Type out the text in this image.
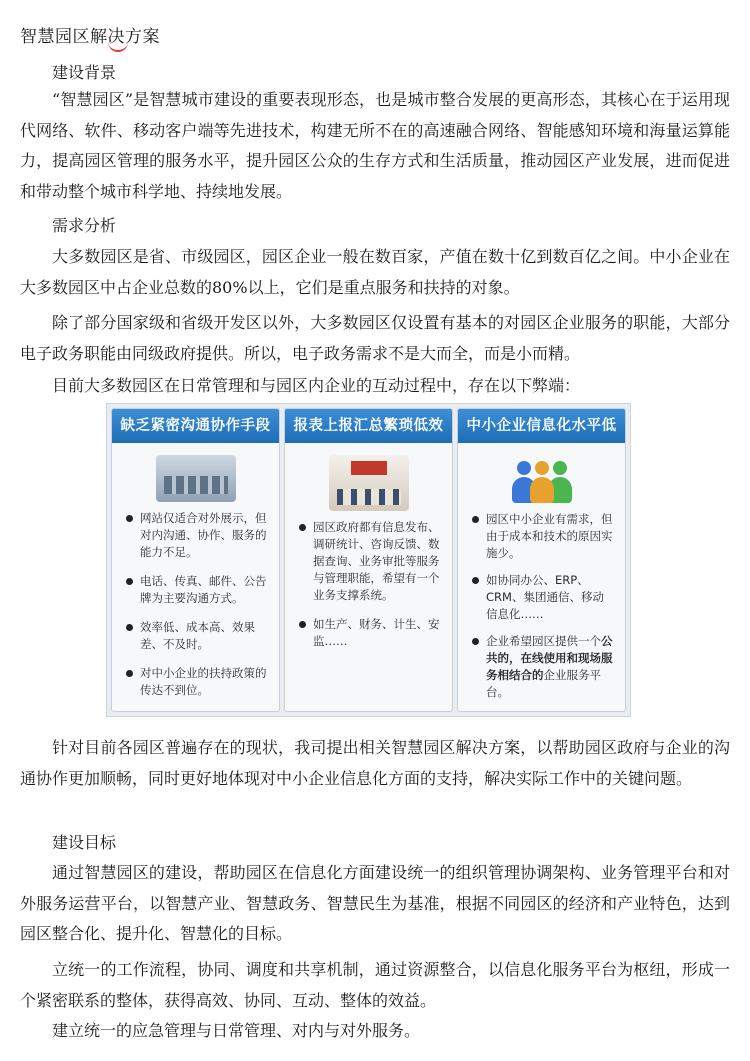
智慧园区解决方案
建设背景

“智慧园区”是智慧城市建设的重要表现形态，也是城市整合发展的更高形态，其核心在于运用现代网络、软件、移动客户端等先进技术，构建无所不在的高速融合网络、智能感知环境和海量运算能力，提高园区管理的服务水平，提升园区公众的生存方式和生活质量，推动园区产业发展，进而促进和带动整个城市科学地、持续地发展。

需求分析

大多数园区是省、市级园区，园区企业一般在数百家，产值在数十亿到数百亿之间。中小企业在大多数园区中占企业总数的80%以上，它们是重点服务和扶持的对象。

除了部分国家级和省级开发区以外，大多数园区仅设置有基本的对园区企业服务的职能，大部分电子政务职能由同级政府提供。所以，电子政务需求不是大而全，而是小而精。

目前大多数园区在日常管理和与园区内企业的互动过程中，存在以下弊端：

缺乏紧密沟通协作手段
网站仅适合对外展示，但对内沟通、协作、服务的能力不足。
电话、传真、邮件、公告牌为主要沟通方式。
效率低、成本高、效果差、不及时。
对中小企业的扶持政策的传达不到位。
报表上报汇总繁琐低效
园区政府都有信息发布、调研统计、咨询反馈、数据查询、业务审批等服务与管理职能，希望有一个业务支撑系统。
如生产、财务、计生、安监……
中小企业信息化水平低
园区中小企业有需求，但由于成本和技术的原因实施少。
如协同办公、ERP、CRM、集团通信、移动信息化……
企业希望园区提供一个公共的，在线使用和现场服务相结合的企业服务平台。

针对目前各园区普遍存在的现状，我司提出相关智慧园区解决方案，以帮助园区政府与企业的沟通协作更加顺畅，同时更好地体现对中小企业信息化方面的支持，解决实际工作中的关键问题。

建设目标

通过智慧园区的建设，帮助园区在信息化方面建设统一的组织管理协调架构、业务管理平台和对外服务运营平台，以智慧产业、智慧政务、智慧民生为基准，根据不同园区的经济和产业特色，达到园区整合化、提升化、智慧化的目标。

立统一的工作流程，协同、调度和共享机制，通过资源整合，以信息化服务平台为枢纽，形成一个紧密联系的整体，获得高效、协同、互动、整体的效益。

建立统一的应急管理与日常管理、对内与对外服务。
